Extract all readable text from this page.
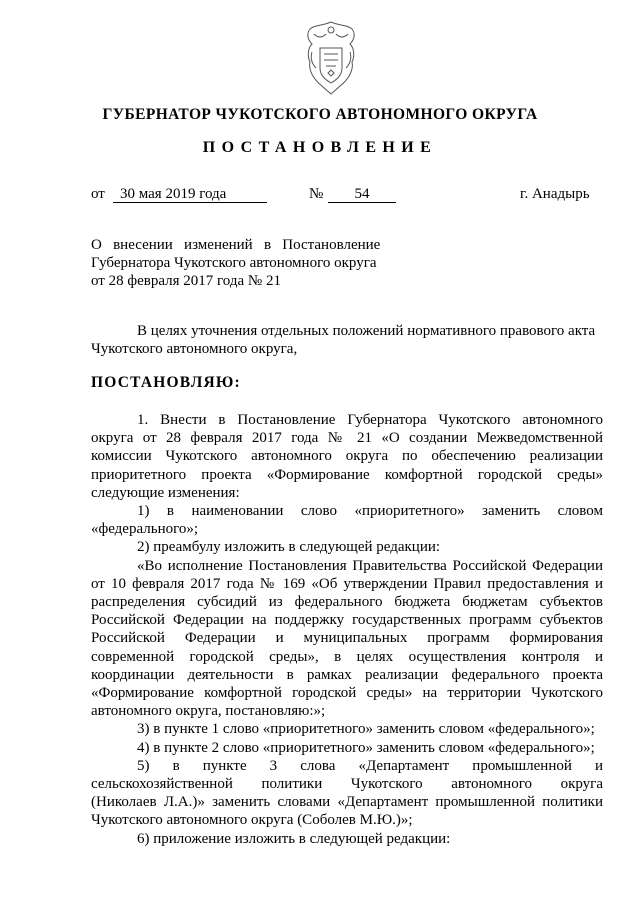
ГУБЕРНАТОР ЧУКОТСКОГО АВТОНОМНОГО ОКРУГА
ПОСТАНОВЛЕНИЕ
от 30 мая 2019 года	№	54	г. Анадырь
О   внесении   изменений   в   Постановление
Губернатора Чукотского автономного округа
от 28 февраля 2017 года № 21
В целях уточнения отдельных положений нормативного правового акта
Чукотского автономного округа,
ПОСТАНОВЛЯЮ:
1. Внести в Постановление Губернатора Чукотского автономного
округа от 28 февраля 2017 года № 21 «О создании Межведомственной
комиссии Чукотского автономного округа по обеспечению реализации
приоритетного проекта «Формирование комфортной городской среды»
следующие изменения:
1) в наименовании слово «приоритетного» заменить словом
«федерального»;
2) преамбулу изложить в следующей редакции:
«Во исполнение Постановления Правительства Российской Федерации
от 10 февраля 2017 года № 169 «Об утверждении Правил предоставления и
распределения субсидий из федерального бюджета бюджетам субъектов
Российской Федерации на поддержку государственных программ субъектов
Российской Федерации и муниципальных программ формирования
современной городской среды», в целях осуществления контроля и
координации деятельности в рамках реализации федерального проекта
«Формирование комфортной городской среды» на территории Чукотского
автономного округа, постановляю:»;
3) в пункте 1 слово «приоритетного» заменить словом «федерального»;
4) в пункте 2 слово «приоритетного» заменить словом «федерального»;
5) в пункте 3 слова «Департамент промышленной и
сельскохозяйственной политики Чукотского автономного округа
(Николаев Л.А.)» заменить словами «Департамент промышленной политики
Чукотского автономного округа (Соболев М.Ю.)»;
6) приложение изложить в следующей редакции:
